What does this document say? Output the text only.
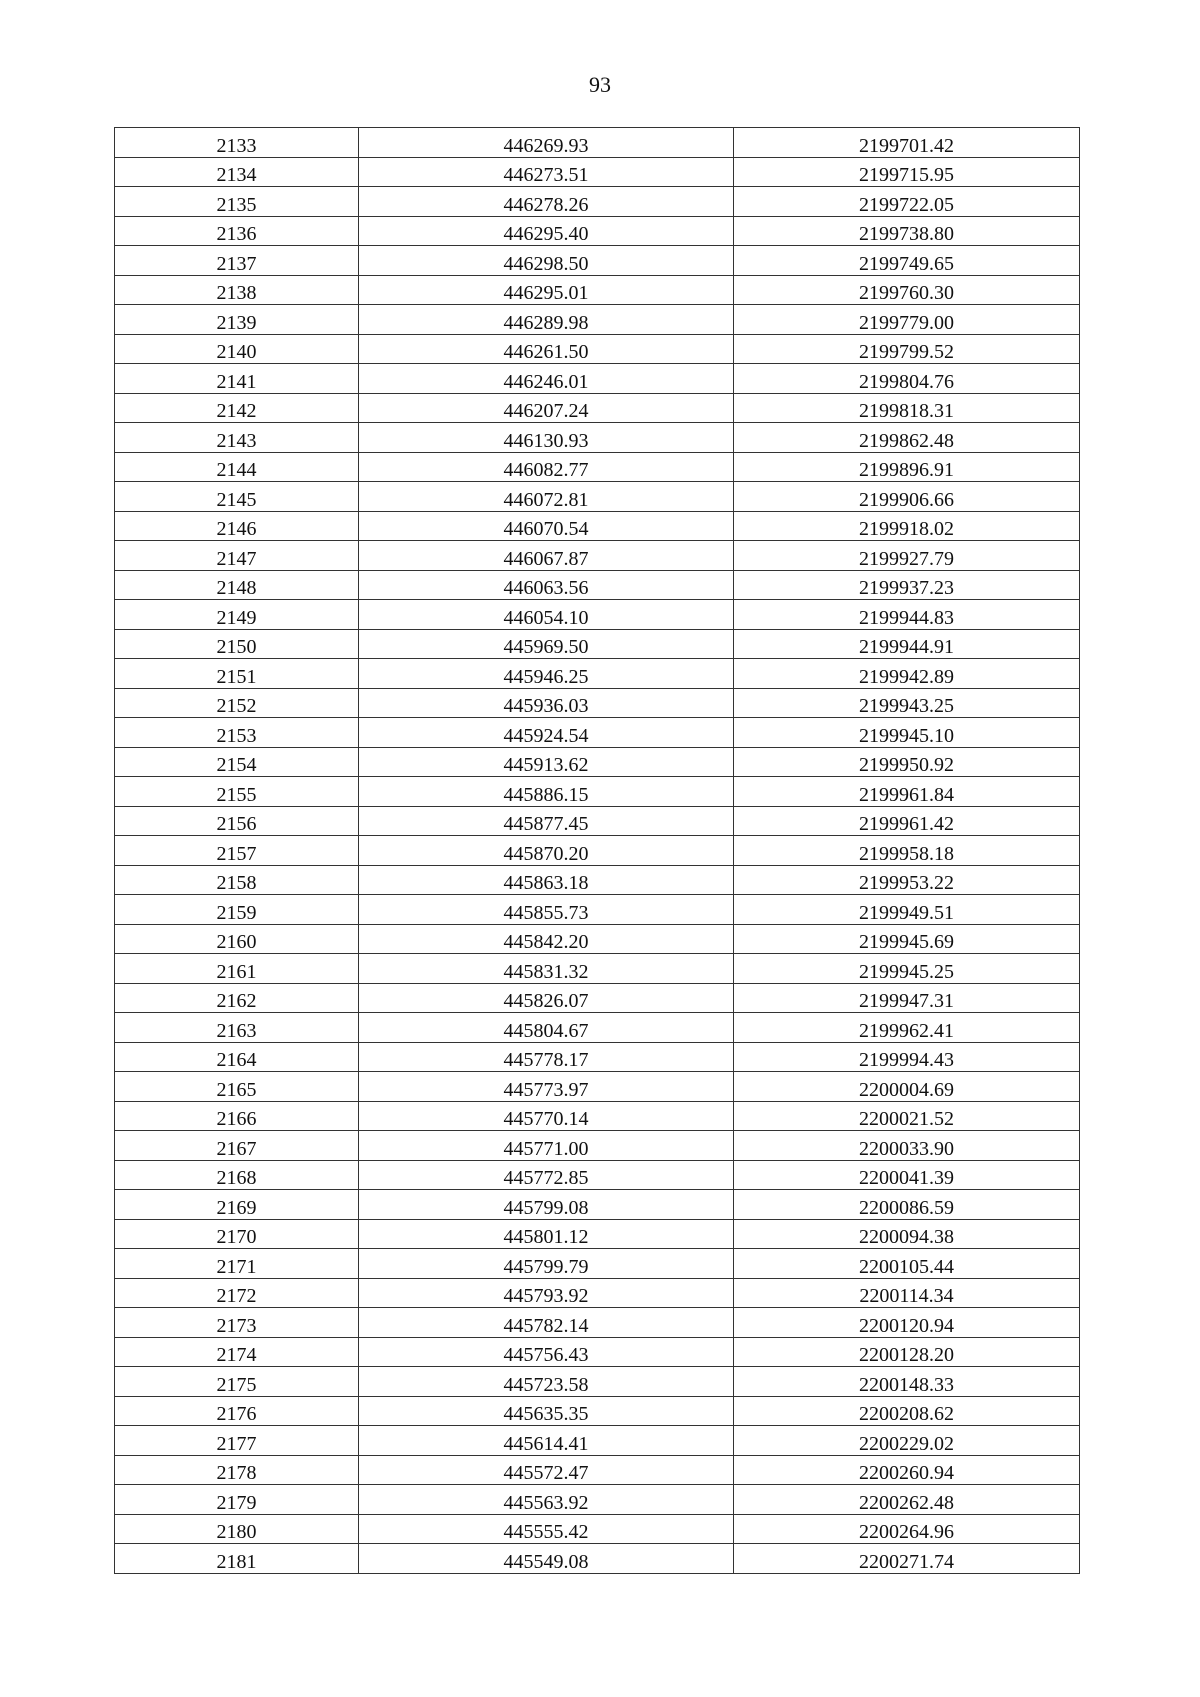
93
2133	446269.93	2199701.42
2134	446273.51	2199715.95
2135	446278.26	2199722.05
2136	446295.40	2199738.80
2137	446298.50	2199749.65
2138	446295.01	2199760.30
2139	446289.98	2199779.00
2140	446261.50	2199799.52
2141	446246.01	2199804.76
2142	446207.24	2199818.31
2143	446130.93	2199862.48
2144	446082.77	2199896.91
2145	446072.81	2199906.66
2146	446070.54	2199918.02
2147	446067.87	2199927.79
2148	446063.56	2199937.23
2149	446054.10	2199944.83
2150	445969.50	2199944.91
2151	445946.25	2199942.89
2152	445936.03	2199943.25
2153	445924.54	2199945.10
2154	445913.62	2199950.92
2155	445886.15	2199961.84
2156	445877.45	2199961.42
2157	445870.20	2199958.18
2158	445863.18	2199953.22
2159	445855.73	2199949.51
2160	445842.20	2199945.69
2161	445831.32	2199945.25
2162	445826.07	2199947.31
2163	445804.67	2199962.41
2164	445778.17	2199994.43
2165	445773.97	2200004.69
2166	445770.14	2200021.52
2167	445771.00	2200033.90
2168	445772.85	2200041.39
2169	445799.08	2200086.59
2170	445801.12	2200094.38
2171	445799.79	2200105.44
2172	445793.92	2200114.34
2173	445782.14	2200120.94
2174	445756.43	2200128.20
2175	445723.58	2200148.33
2176	445635.35	2200208.62
2177	445614.41	2200229.02
2178	445572.47	2200260.94
2179	445563.92	2200262.48
2180	445555.42	2200264.96
2181	445549.08	2200271.74
